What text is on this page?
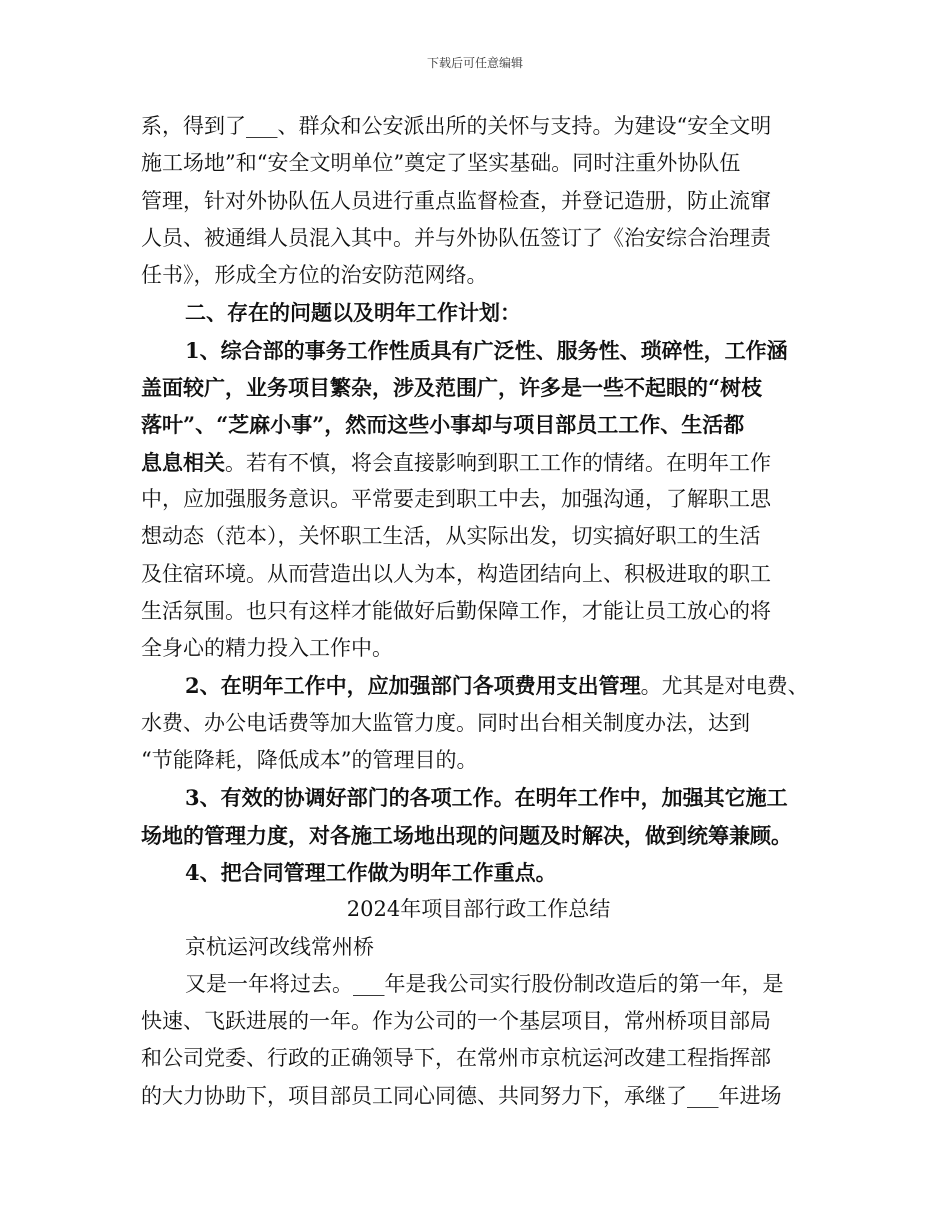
下载后可任意编辑
系，得到了___、群众和公安派出所的关怀与支持。为建设“安全文明
施工场地”和“安全文明单位”奠定了坚实基础。同时注重外协队伍
管理，针对外协队伍人员进行重点监督检查，并登记造册，防止流窜
人员、被通缉人员混入其中。并与外协队伍签订了《治安综合治理责
任书》，形成全方位的治安防范网络。
二、存在的问题以及明年工作计划：
1、综合部的事务工作性质具有广泛性、服务性、琐碎性，工作涵
盖面较广，业务项目繁杂，涉及范围广，许多是一些不起眼的“树枝
落叶”、“芝麻小事”，然而这些小事却与项目部员工工作、生活都
息息相关。若有不慎，将会直接影响到职工工作的情绪。在明年工作
中，应加强服务意识。平常要走到职工中去，加强沟通，了解职工思
想动态（范本），关怀职工生活，从实际出发，切实搞好职工的生活
及住宿环境。从而营造出以人为本，构造团结向上、积极进取的职工
生活氛围。也只有这样才能做好后勤保障工作，才能让员工放心的将
全身心的精力投入工作中。
2、在明年工作中，应加强部门各项费用支出管理。尤其是对电费、
水费、办公电话费等加大监管力度。同时出台相关制度办法，达到
“节能降耗，降低成本”的管理目的。
3、有效的协调好部门的各项工作。在明年工作中，加强其它施工
场地的管理力度，对各施工场地出现的问题及时解决，做到统筹兼顾。
4、把合同管理工作做为明年工作重点。
2024年项目部行政工作总结
京杭运河改线常州桥
又是一年将过去。___年是我公司实行股份制改造后的第一年，是
快速、飞跃进展的一年。作为公司的一个基层项目，常州桥项目部局
和公司党委、行政的正确领导下，在常州市京杭运河改建工程指挥部
的大力协助下，项目部员工同心同德、共同努力下，承继了___年进场
